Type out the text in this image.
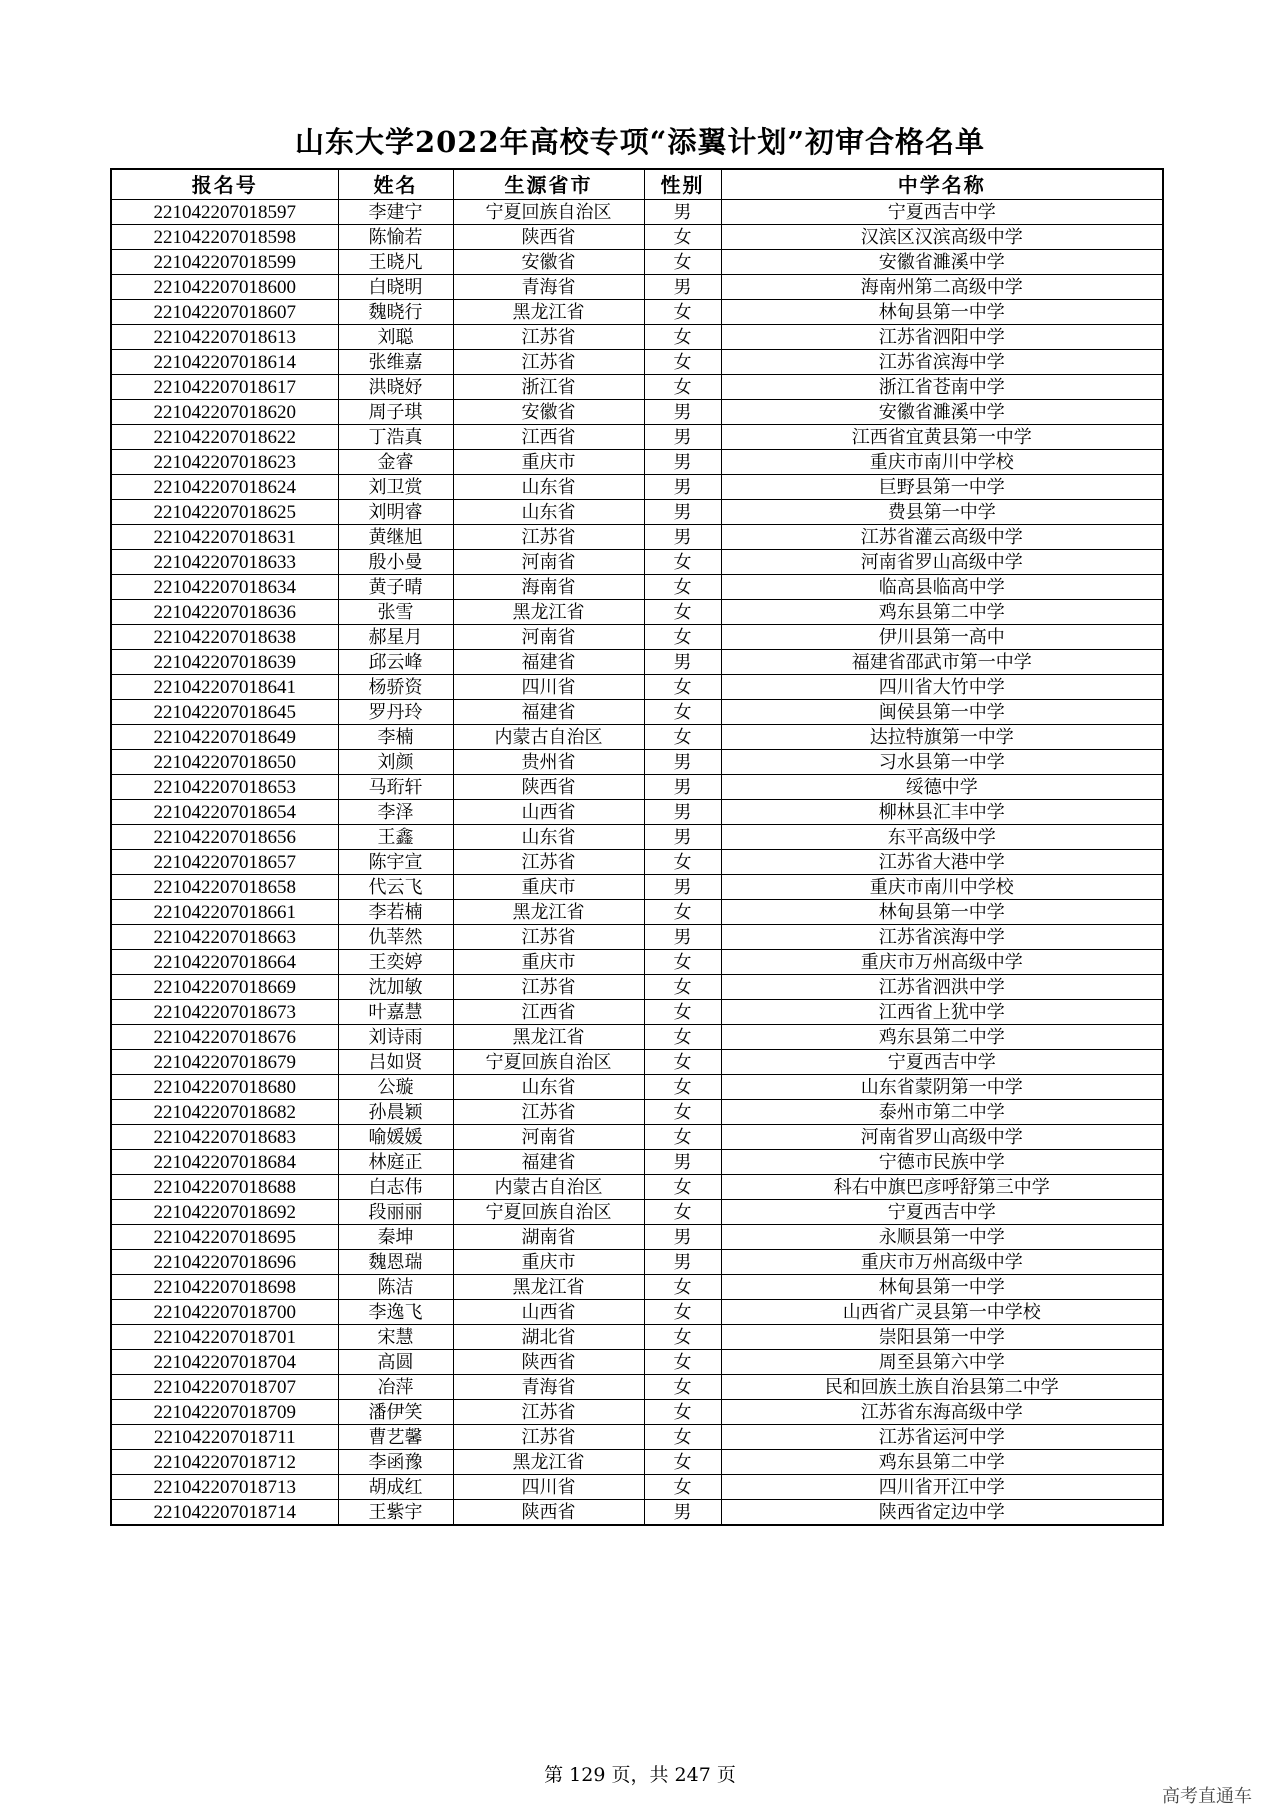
山东大学2022年高校专项“添翼计划”初审合格名单
报名号	姓名	生源省市	性别	中学名称
221042207018597	李建宁	宁夏回族自治区	男	宁夏西吉中学
221042207018598	陈愉若	陕西省	女	汉滨区汉滨高级中学
221042207018599	王晓凡	安徽省	女	安徽省濉溪中学
221042207018600	白晓明	青海省	男	海南州第二高级中学
221042207018607	魏晓行	黑龙江省	女	林甸县第一中学
221042207018613	刘聪	江苏省	女	江苏省泗阳中学
221042207018614	张维嘉	江苏省	女	江苏省滨海中学
221042207018617	洪晓妤	浙江省	女	浙江省苍南中学
221042207018620	周子琪	安徽省	男	安徽省濉溪中学
221042207018622	丁浩真	江西省	男	江西省宜黄县第一中学
221042207018623	金睿	重庆市	男	重庆市南川中学校
221042207018624	刘卫赏	山东省	男	巨野县第一中学
221042207018625	刘明睿	山东省	男	费县第一中学
221042207018631	黄继旭	江苏省	男	江苏省灌云高级中学
221042207018633	殷小曼	河南省	女	河南省罗山高级中学
221042207018634	黄子晴	海南省	女	临高县临高中学
221042207018636	张雪	黑龙江省	女	鸡东县第二中学
221042207018638	郝星月	河南省	女	伊川县第一高中
221042207018639	邱云峰	福建省	男	福建省邵武市第一中学
221042207018641	杨骄资	四川省	女	四川省大竹中学
221042207018645	罗丹玲	福建省	女	闽侯县第一中学
221042207018649	李楠	内蒙古自治区	女	达拉特旗第一中学
221042207018650	刘颜	贵州省	男	习水县第一中学
221042207018653	马珩轩	陕西省	男	绥德中学
221042207018654	李泽	山西省	男	柳林县汇丰中学
221042207018656	王鑫	山东省	男	东平高级中学
221042207018657	陈宇宣	江苏省	女	江苏省大港中学
221042207018658	代云飞	重庆市	男	重庆市南川中学校
221042207018661	李若楠	黑龙江省	女	林甸县第一中学
221042207018663	仇莘然	江苏省	男	江苏省滨海中学
221042207018664	王奕婷	重庆市	女	重庆市万州高级中学
221042207018669	沈加敏	江苏省	女	江苏省泗洪中学
221042207018673	叶嘉慧	江西省	女	江西省上犹中学
221042207018676	刘诗雨	黑龙江省	女	鸡东县第二中学
221042207018679	吕如贤	宁夏回族自治区	女	宁夏西吉中学
221042207018680	公璇	山东省	女	山东省蒙阴第一中学
221042207018682	孙晨颖	江苏省	女	泰州市第二中学
221042207018683	喻媛媛	河南省	女	河南省罗山高级中学
221042207018684	林庭正	福建省	男	宁德市民族中学
221042207018688	白志伟	内蒙古自治区	女	科右中旗巴彦呼舒第三中学
221042207018692	段丽丽	宁夏回族自治区	女	宁夏西吉中学
221042207018695	秦坤	湖南省	男	永顺县第一中学
221042207018696	魏恩瑞	重庆市	男	重庆市万州高级中学
221042207018698	陈洁	黑龙江省	女	林甸县第一中学
221042207018700	李逸飞	山西省	女	山西省广灵县第一中学校
221042207018701	宋慧	湖北省	女	崇阳县第一中学
221042207018704	高圆	陕西省	女	周至县第六中学
221042207018707	冶萍	青海省	女	民和回族土族自治县第二中学
221042207018709	潘伊笑	江苏省	女	江苏省东海高级中学
221042207018711	曹艺馨	江苏省	女	江苏省运河中学
221042207018712	李函豫	黑龙江省	女	鸡东县第二中学
221042207018713	胡成红	四川省	女	四川省开江中学
221042207018714	王紫宇	陕西省	男	陕西省定边中学
第 129 页，共 247 页
高考直通车
